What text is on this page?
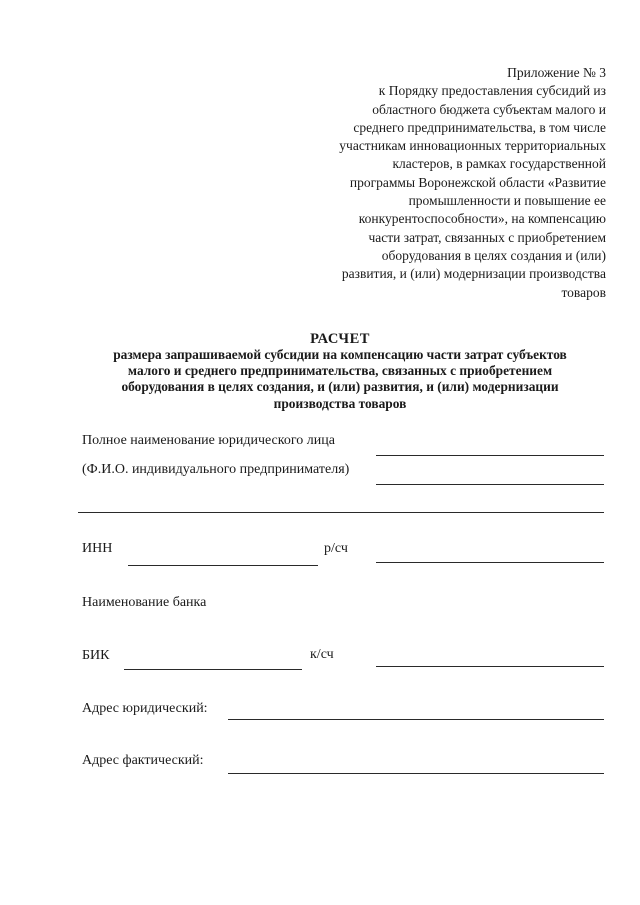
Приложение № 3
к Порядку предоставления субсидий из
областного бюджета субъектам малого и
среднего предпринимательства, в том числе
участникам инновационных территориальных
кластеров, в рамках государственной
программы Воронежской области «Развитие
промышленности и повышение ее
конкурентоспособности», на компенсацию
части затрат, связанных с приобретением
оборудования в целях создания и (или)
развития, и (или) модернизации производства
товаров
РАСЧЕТ
размера запрашиваемой субсидии на компенсацию части затрат субъектов
малого и среднего предпринимательства, связанных с приобретением
оборудования в целях создания, и (или) развития, и (или) модернизации
производства товаров
Полное наименование юридического лица
(Ф.И.О. индивидуального предпринимателя)
ИНН	р/сч
Наименование банка
БИК	к/сч
Адрес юридический:
Адрес фактический:
